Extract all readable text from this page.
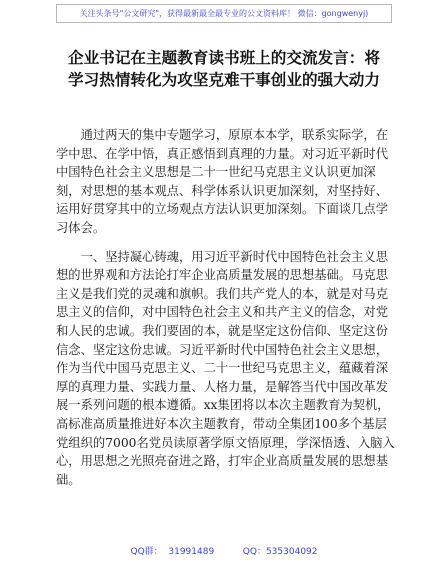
关注头条号"公文研究"，获得最新最全最专业的公文资料库！ 微信：gongwenyj)
企业书记在主题教育读书班上的交流发言：将
学习热情转化为攻坚克难干事创业的强大动力

　　通过两天的集中专题学习，原原本本学，联系实际学，在学中思、在学中悟，真正感悟到真理的力量。对习近平新时代中国特色社会主义思想是二十一世纪马克思主义认识更加深刻，对思想的基本观点、科学体系认识更加深刻，对坚持好、运用好贯穿其中的立场观点方法认识更加深刻。下面谈几点学习体会。

　　一、坚持凝心铸魂，用习近平新时代中国特色社会主义思想的世界观和方法论打牢企业高质量发展的思想基础。马克思主义是我们党的灵魂和旗帜。我们共产党人的本，就是对马克思主义的信仰，对中国特色社会主义和共产主义的信念，对党和人民的忠诚。我们要固的本，就是坚定这份信仰、坚定这份信念、坚定这份忠诚。习近平新时代中国特色社会主义思想，作为当代中国马克思主义、二十一世纪马克思主义，蕴藏着深厚的真理力量、实践力量、人格力量，是解答当代中国改革发展一系列问题的根本遵循。xx集团将以本次主题教育为契机，高标准高质量推进好本次主题教育，带动全集团100多个基层党组织的7000名党员读原著学原文悟原理，学深悟透、入脑入心，用思想之光照亮奋进之路，打牢企业高质量发展的思想基础。

QQ群：  31991489          QQ：535304092
